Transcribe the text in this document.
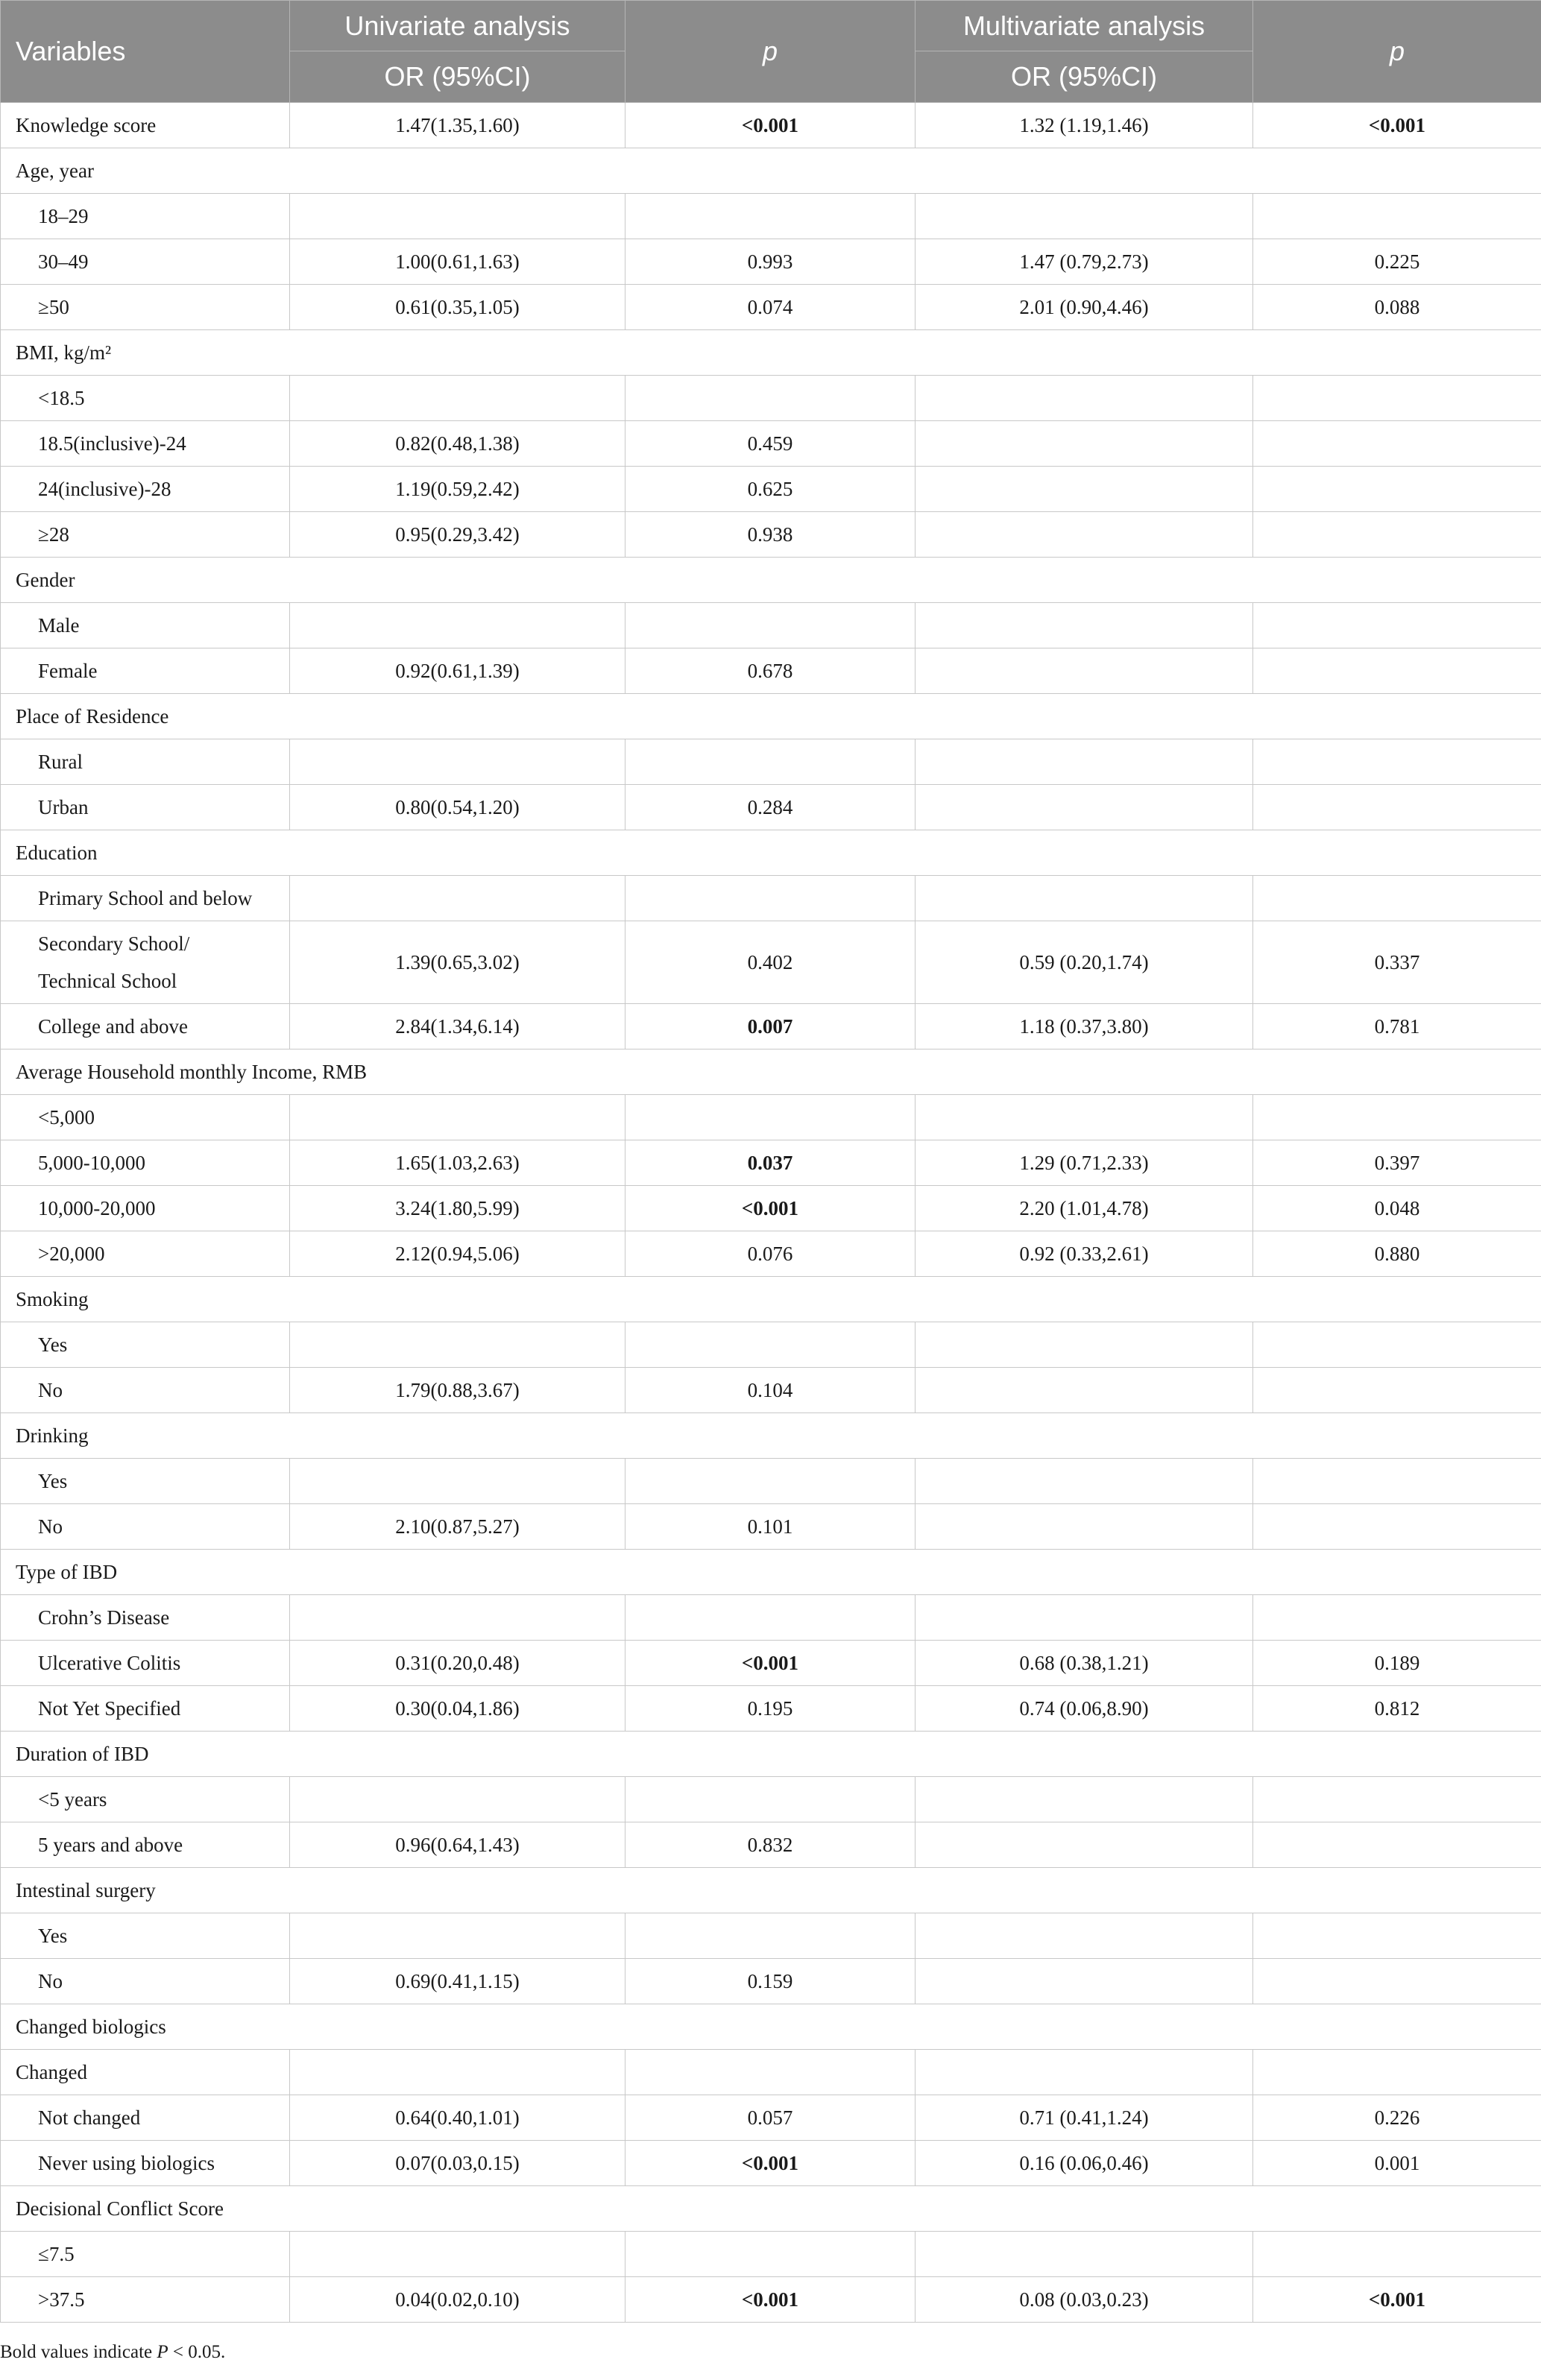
Variables	Univariate analysis	p	Multivariate analysis	p
	OR (95%CI)		OR (95%CI)	
Knowledge score	1.47(1.35,1.60)	<0.001	1.32 (1.19,1.46)	<0.001
Age, year				
18–29				
30–49	1.00(0.61,1.63)	0.993	1.47 (0.79,2.73)	0.225
≥50	0.61(0.35,1.05)	0.074	2.01 (0.90,4.46)	0.088
BMI, kg/m²				
<18.5				
18.5(inclusive)-24	0.82(0.48,1.38)	0.459		
24(inclusive)-28	1.19(0.59,2.42)	0.625		
≥28	0.95(0.29,3.42)	0.938		
Gender				
Male				
Female	0.92(0.61,1.39)	0.678		
Place of Residence				
Rural				
Urban	0.80(0.54,1.20)	0.284		
Education				
Primary School and below				
Secondary School/
Technical School	1.39(0.65,3.02)	0.402	0.59 (0.20,1.74)	0.337
College and above	2.84(1.34,6.14)	0.007	1.18 (0.37,3.80)	0.781
Average Household monthly Income, RMB				
<5,000				
5,000-10,000	1.65(1.03,2.63)	0.037	1.29 (0.71,2.33)	0.397
10,000-20,000	3.24(1.80,5.99)	<0.001	2.20 (1.01,4.78)	0.048
>20,000	2.12(0.94,5.06)	0.076	0.92 (0.33,2.61)	0.880
Smoking				
Yes				
No	1.79(0.88,3.67)	0.104		
Drinking				
Yes				
No	2.10(0.87,5.27)	0.101		
Type of IBD				
Crohn’s Disease				
Ulcerative Colitis	0.31(0.20,0.48)	<0.001	0.68 (0.38,1.21)	0.189
Not Yet Specified	0.30(0.04,1.86)	0.195	0.74 (0.06,8.90)	0.812
Duration of IBD				
<5 years				
5 years and above	0.96(0.64,1.43)	0.832		
Intestinal surgery				
Yes				
No	0.69(0.41,1.15)	0.159		
Changed biologics				
Changed				
Not changed	0.64(0.40,1.01)	0.057	0.71 (0.41,1.24)	0.226
Never using biologics	0.07(0.03,0.15)	<0.001	0.16 (0.06,0.46)	0.001
Decisional Conflict Score				
≤7.5				
>37.5	0.04(0.02,0.10)	<0.001	0.08 (0.03,0.23)	<0.001
Bold values indicate P < 0.05.
